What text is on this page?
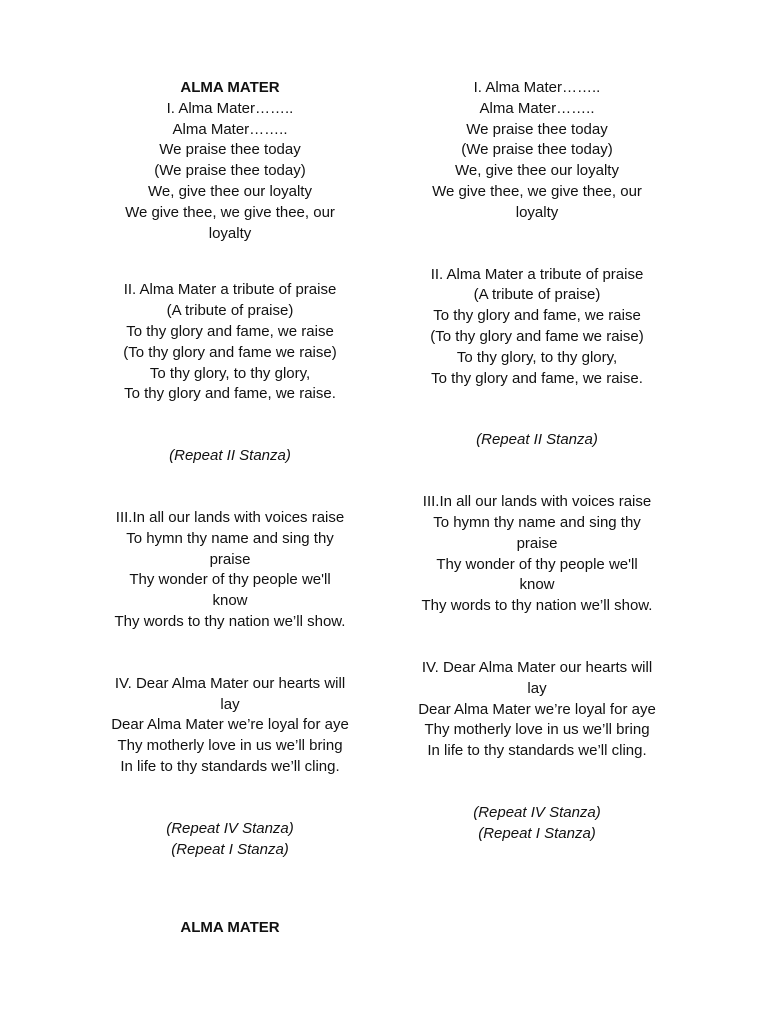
ALMA MATER
I. Alma Mater……..
Alma Mater……..
We praise thee today
(We praise thee today)
We, give thee our loyalty
We give thee, we give thee, our
loyalty
II. Alma Mater a tribute of praise
(A tribute of praise)
To thy glory and fame, we raise
(To thy glory and fame we raise)
To thy glory, to thy glory,
To thy glory and fame, we raise.
(Repeat II Stanza)
III.In all our lands with voices raise
To hymn thy name and sing thy
praise
Thy wonder of thy people we'll
know
Thy words to thy nation we’ll show.
IV. Dear Alma Mater our hearts will
lay
Dear Alma Mater we’re loyal for aye
Thy motherly love in us we’ll bring
In life to thy standards we’ll cling.
(Repeat IV Stanza)
(Repeat I Stanza)
I. Alma Mater……..
Alma Mater……..
We praise thee today
(We praise thee today)
We, give thee our loyalty
We give thee, we give thee, our
loyalty
II. Alma Mater a tribute of praise
(A tribute of praise)
To thy glory and fame, we raise
(To thy glory and fame we raise)
To thy glory, to thy glory,
To thy glory and fame, we raise.
(Repeat II Stanza)
III.In all our lands with voices raise
To hymn thy name and sing thy
praise
Thy wonder of thy people we'll
know
Thy words to thy nation we’ll show.
IV. Dear Alma Mater our hearts will
lay
Dear Alma Mater we’re loyal for aye
Thy motherly love in us we’ll bring
In life to thy standards we’ll cling.
(Repeat IV Stanza)
(Repeat I Stanza)
ALMA MATER
